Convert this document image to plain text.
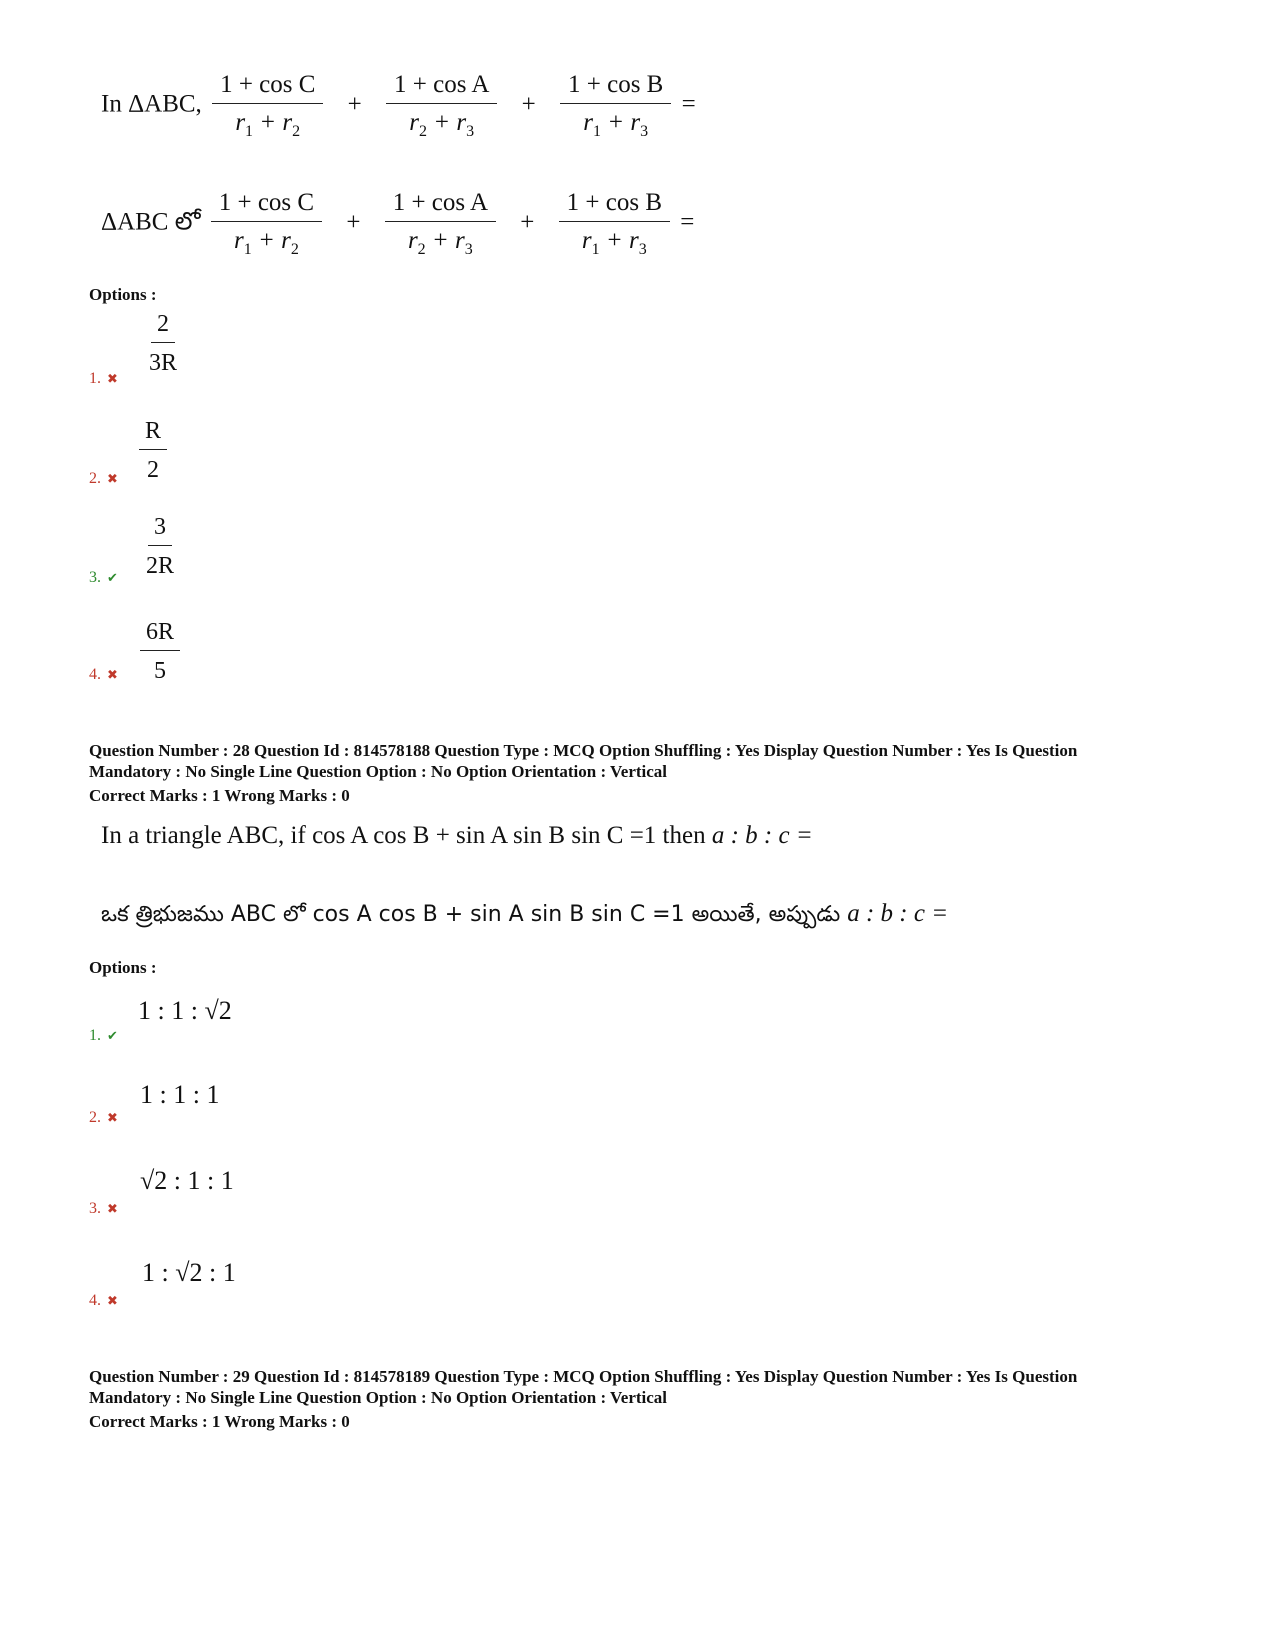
In ΔABC, $\frac{\text{1 + cos C}}{r_1 + r_2} + \frac{\text{1 + cos A}}{r_2 + r_3} + \frac{\text{1 + cos B}}{r_1 + r_3}$ =
ΔABC లో $\frac{\text{1 + cos C}}{r_1 + r_2} + \frac{\text{1 + cos A}}{r_2 + r_3} + \frac{\text{1 + cos B}}{r_1 + r_3}$ =
Options :
1. ✖
$\frac{2}{3R}$
2. ✖ $\frac{R}{2}$
3. ✔ $\frac{3}{2R}$
4. ✖ $\frac{6R}{5}$
Question Number : 28 Question Id : 814578188 Question Type : MCQ Option Shuffling : Yes Display Question Number : Yes Is Question
Mandatory : No Single Line Question Option : No Option Orientation : Vertical
Correct Marks : 1 Wrong Marks : 0
In a triangle ABC, if cos A cos B + sin A sin B sin C =1 then a : b : c =
ఒక త్రిభుజము ABC లో cos A cos B + sin A sin B sin C =1 అయితే, అప్పుడు a : b : c =
Options :
1. ✔
1 : 1 : √2
2. ✖
1 : 1 : 1
3. ✖
√2 : 1 : 1
4. ✖
1 : √2 : 1
Question Number : 29 Question Id : 814578189 Question Type : MCQ Option Shuffling : Yes Display Question Number : Yes Is Question
Mandatory : No Single Line Question Option : No Option Orientation : Vertical
Correct Marks : 1 Wrong Marks : 0
